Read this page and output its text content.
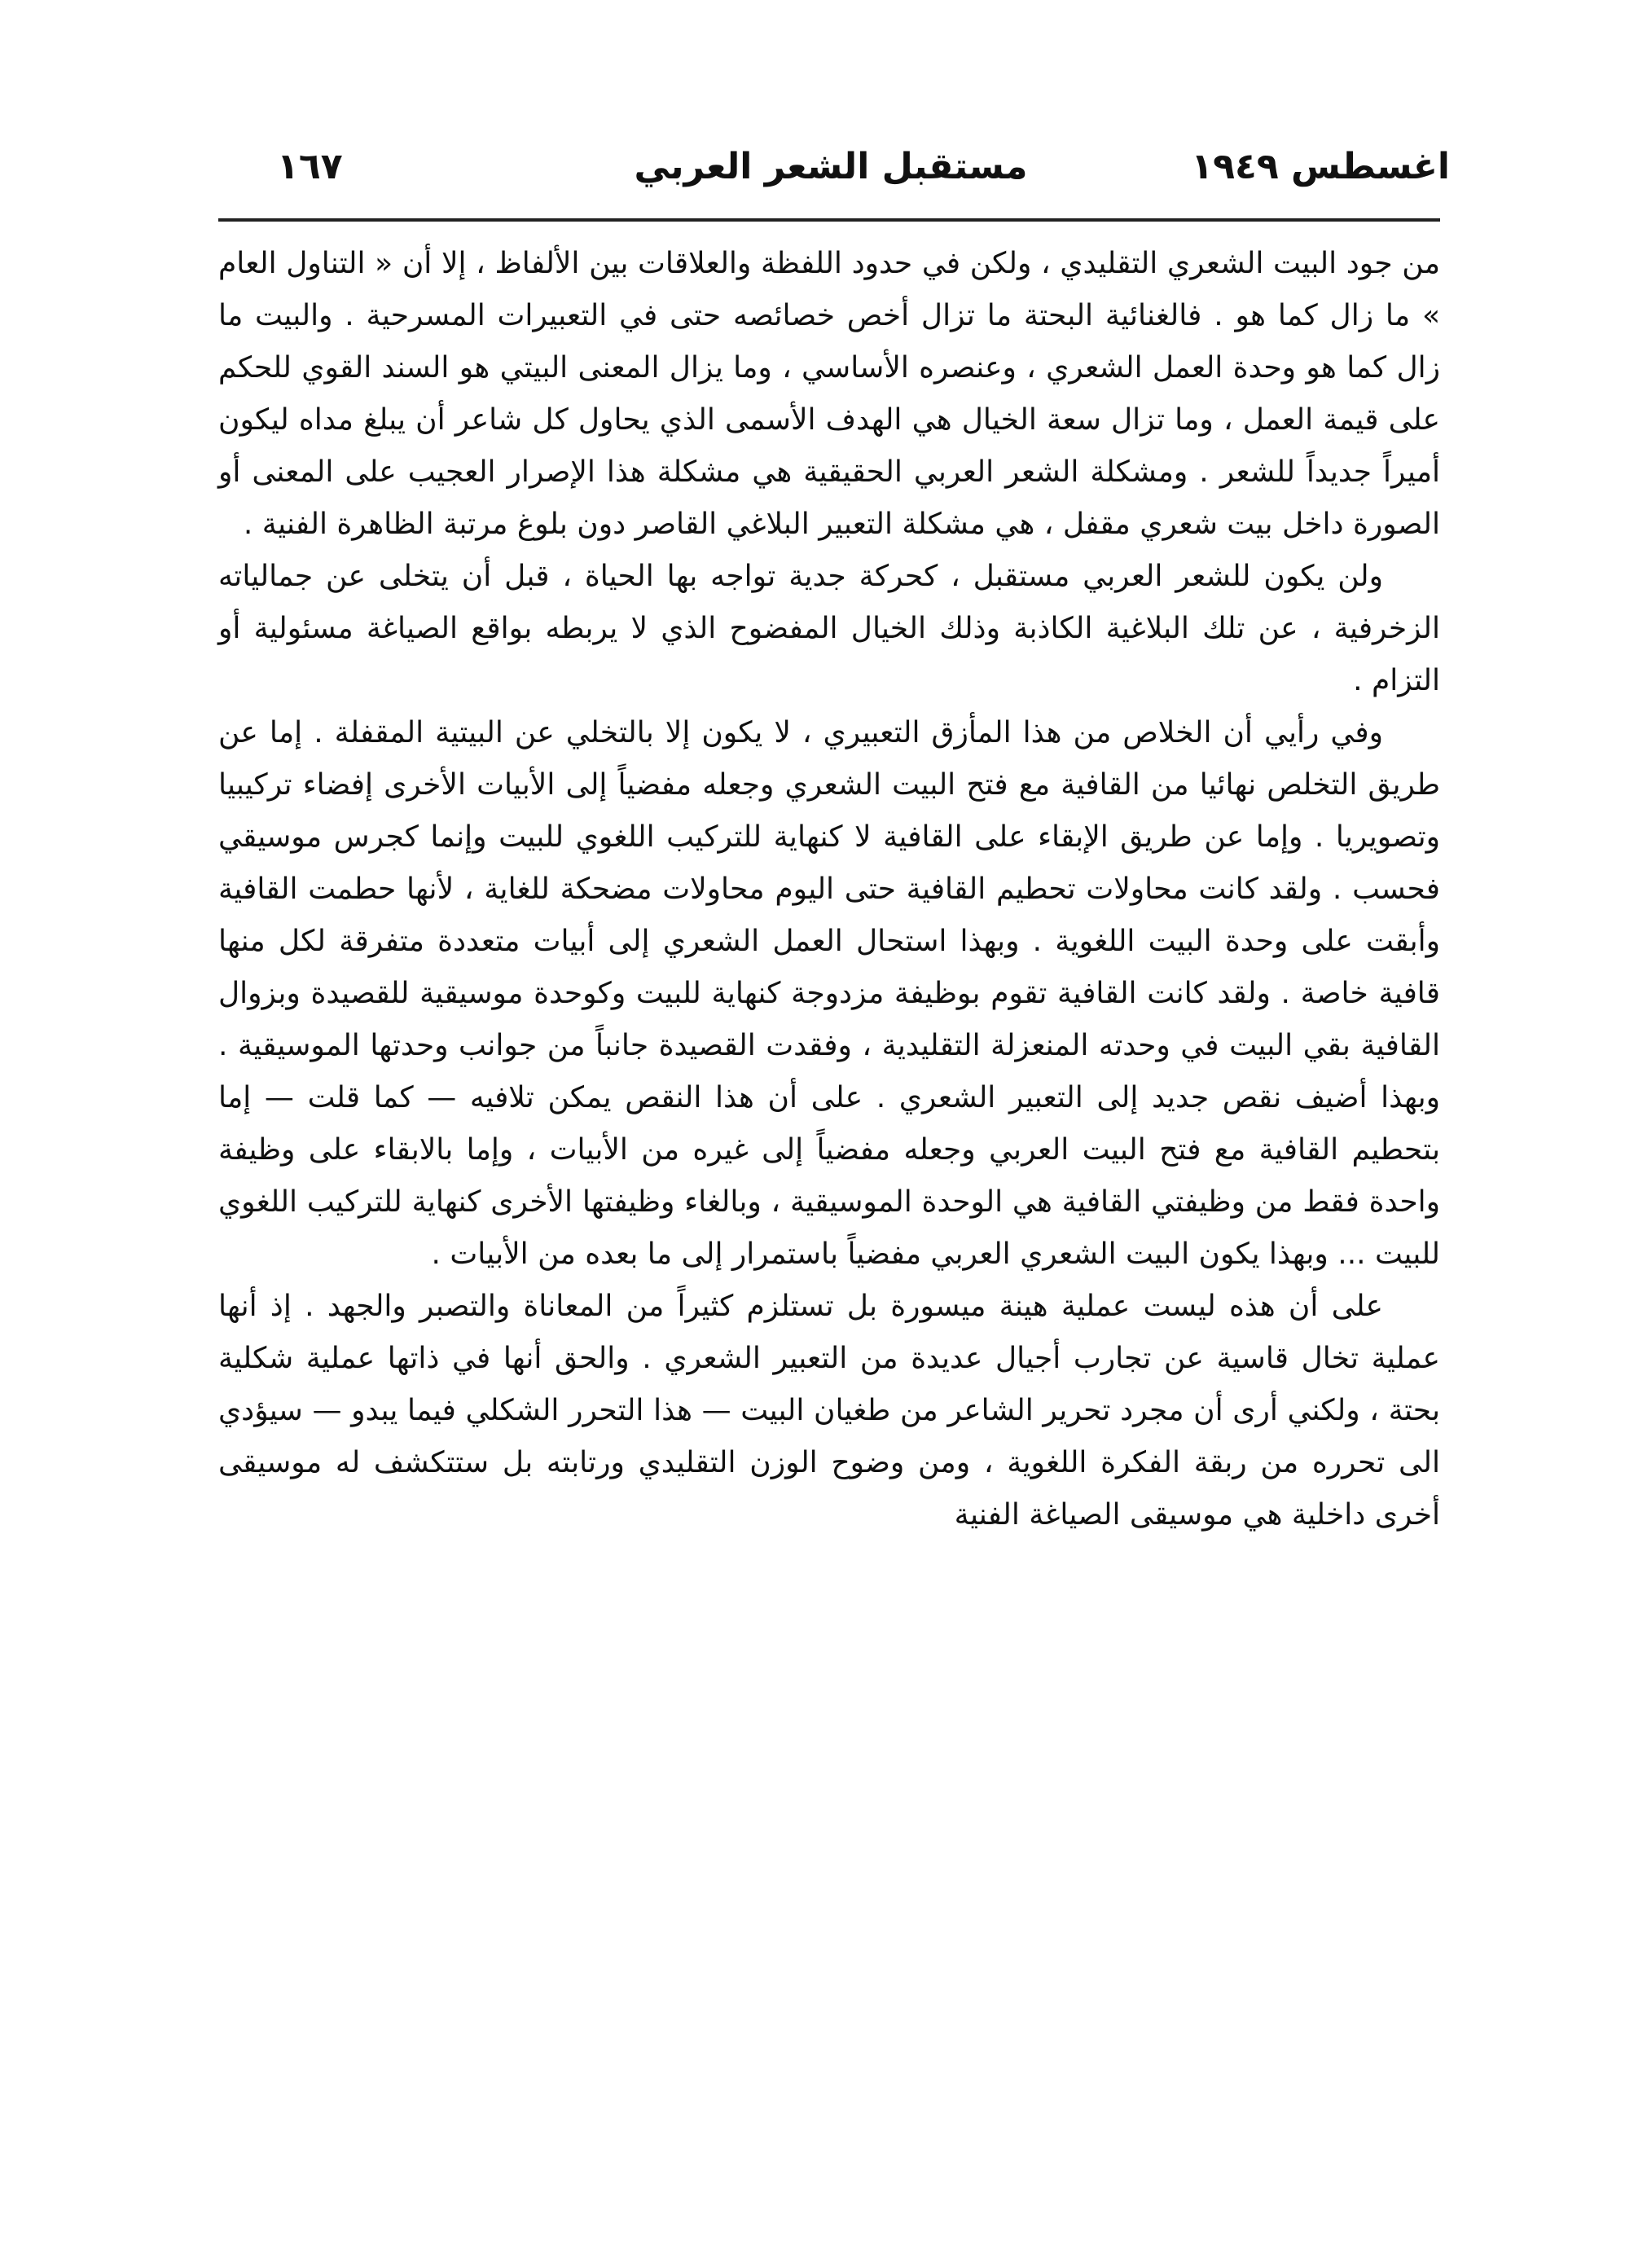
اغسطس ١٩٤٩
مستقبل الشعر العربي
١٦٧

من جود البيت الشعري التقليدي ، ولكن في حدود اللفظة والعلاقات بين الألفاظ ، إلا أن « التناول العام » ما زال كما هو . فالغنائية البحتة ما تزال أخص خصائصه حتى في التعبيرات المسرحية . والبيت ما زال كما هو وحدة العمل الشعري ، وعنصره الأساسي ، وما يزال المعنى البيتي هو السند القوي للحكم على قيمة العمل ، وما تزال سعة الخيال هي الهدف الأسمى الذي يحاول كل شاعر أن يبلغ مداه ليكون أميراً جديداً للشعر . ومشكلة الشعر العربي الحقيقية هي مشكلة هذا الإصرار العجيب على المعنى أو الصورة داخل بيت شعري مقفل ، هي مشكلة التعبير البلاغي القاصر دون بلوغ مرتبة الظاهرة الفنية .

ولن يكون للشعر العربي مستقبل ، كحركة جدية تواجه بها الحياة ، قبل أن يتخلى عن جمالياته الزخرفية ، عن تلك البلاغية الكاذبة وذلك الخيال المفضوح الذي لا يربطه بواقع الصياغة مسئولية أو التزام .

وفي رأيي أن الخلاص من هذا المأزق التعبيري ، لا يكون إلا بالتخلي عن البيتية المقفلة . إما عن طريق التخلص نهائيا من القافية مع فتح البيت الشعري وجعله مفضياً إلى الأبيات الأخرى إفضاء تركيبيا وتصويريا . وإما عن طريق الإبقاء على القافية لا كنهاية للتركيب اللغوي للبيت وإنما كجرس موسيقي فحسب . ولقد كانت محاولات تحطيم القافية حتى اليوم محاولات مضحكة للغاية ، لأنها حطمت القافية وأبقت على وحدة البيت اللغوية . وبهذا استحال العمل الشعري إلى أبيات متعددة متفرقة لكل منها قافية خاصة . ولقد كانت القافية تقوم بوظيفة مزدوجة كنهاية للبيت وكوحدة موسيقية للقصيدة وبزوال القافية بقي البيت في وحدته المنعزلة التقليدية ، وفقدت القصيدة جانباً من جوانب وحدتها الموسيقية . وبهذا أضيف نقص جديد إلى التعبير الشعري . على أن هذا النقص يمكن تلافيه — كما قلت — إما بتحطيم القافية مع فتح البيت العربي وجعله مفضياً إلى غيره من الأبيات ، وإما بالابقاء على وظيفة واحدة فقط من وظيفتي القافية هي الوحدة الموسيقية ، وبالغاء وظيفتها الأخرى كنهاية للتركيب اللغوي للبيت ... وبهذا يكون البيت الشعري العربي مفضياً باستمرار إلى ما بعده من الأبيات .

على أن هذه ليست عملية هينة ميسورة بل تستلزم كثيراً من المعاناة والتصبر والجهد . إذ أنها عملية تخال قاسية عن تجارب أجيال عديدة من التعبير الشعري . والحق أنها في ذاتها عملية شكلية بحتة ، ولكني أرى أن مجرد تحرير الشاعر من طغيان البيت — هذا التحرر الشكلي فيما يبدو — سيؤدي الى تحرره من ربقة الفكرة اللغوية ، ومن وضوح الوزن التقليدي ورتابته بل ستتكشف له موسيقى أخرى داخلية هي موسيقى الصياغة الفنية
